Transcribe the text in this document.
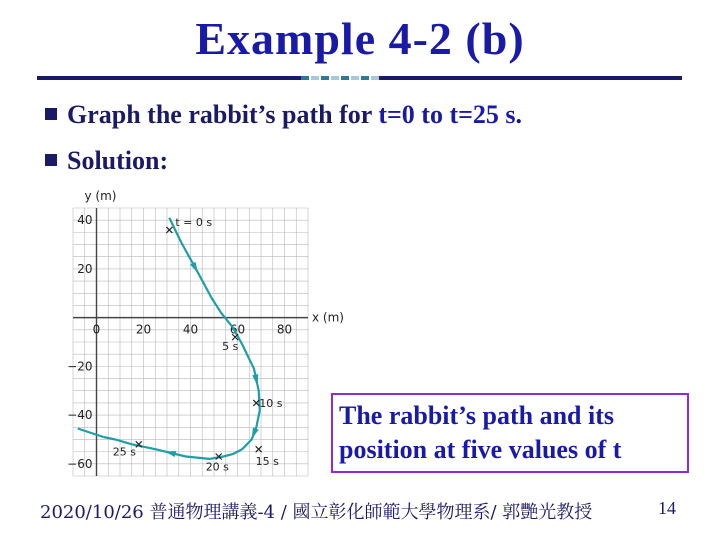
Example 4-2 (b)
Graph the rabbit’s path for t=0 to t=25 s.
Solution:
y (m)
x (m)
0	20	40	60	80
40
20
−20
−40
−60
t = 0 s
5 s
10 s
15 s
20 s
25 s
The rabbit’s path and its
position at five values of t
2020/10/26 普通物理講義-4 / 國立彰化師範大學物理系/ 郭艷光教授	14
